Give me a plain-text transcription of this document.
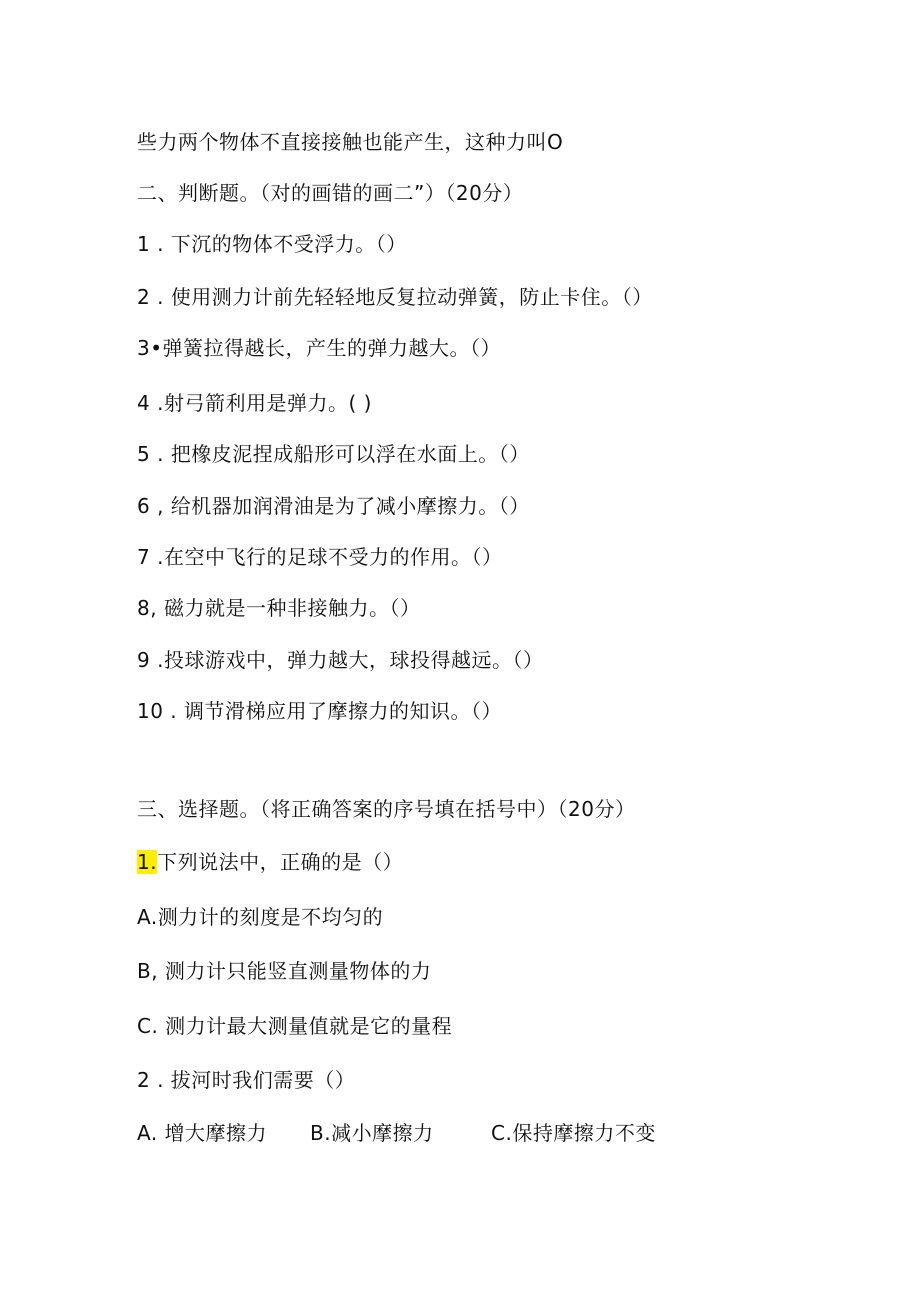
些力两个物体不直接接触也能产生，这种力叫O
二、判断题。（对的画错的画二”）（20分）
1 . 下沉的物体不受浮力。（）
2 . 使用测力计前先轻轻地反复拉动弹簧，防止卡住。（）
3•弹簧拉得越长，产生的弹力越大。（）
4 .射弓箭利用是弹力。( )
5 . 把橡皮泥捏成船形可以浮在水面上。（）
6 , 给机器加润滑油是为了减小摩擦力。（）
7 .在空中飞行的足球不受力的作用。（）
8, 磁力就是一种非接触力。（）
9 .投球游戏中，弹力越大，球投得越远。（）
10 . 调节滑梯应用了摩擦力的知识。（）
三、选择题。（将正确答案的序号填在括号中）（20分）
1.下列说法中，正确的是（）
A.测力计的刻度是不均匀的
B, 测力计只能竖直测量物体的力
C. 测力计最大测量值就是它的量程
2 . 拔河时我们需要（）
A. 增大摩擦力 B.减小摩擦力	C.保持摩擦力不变
